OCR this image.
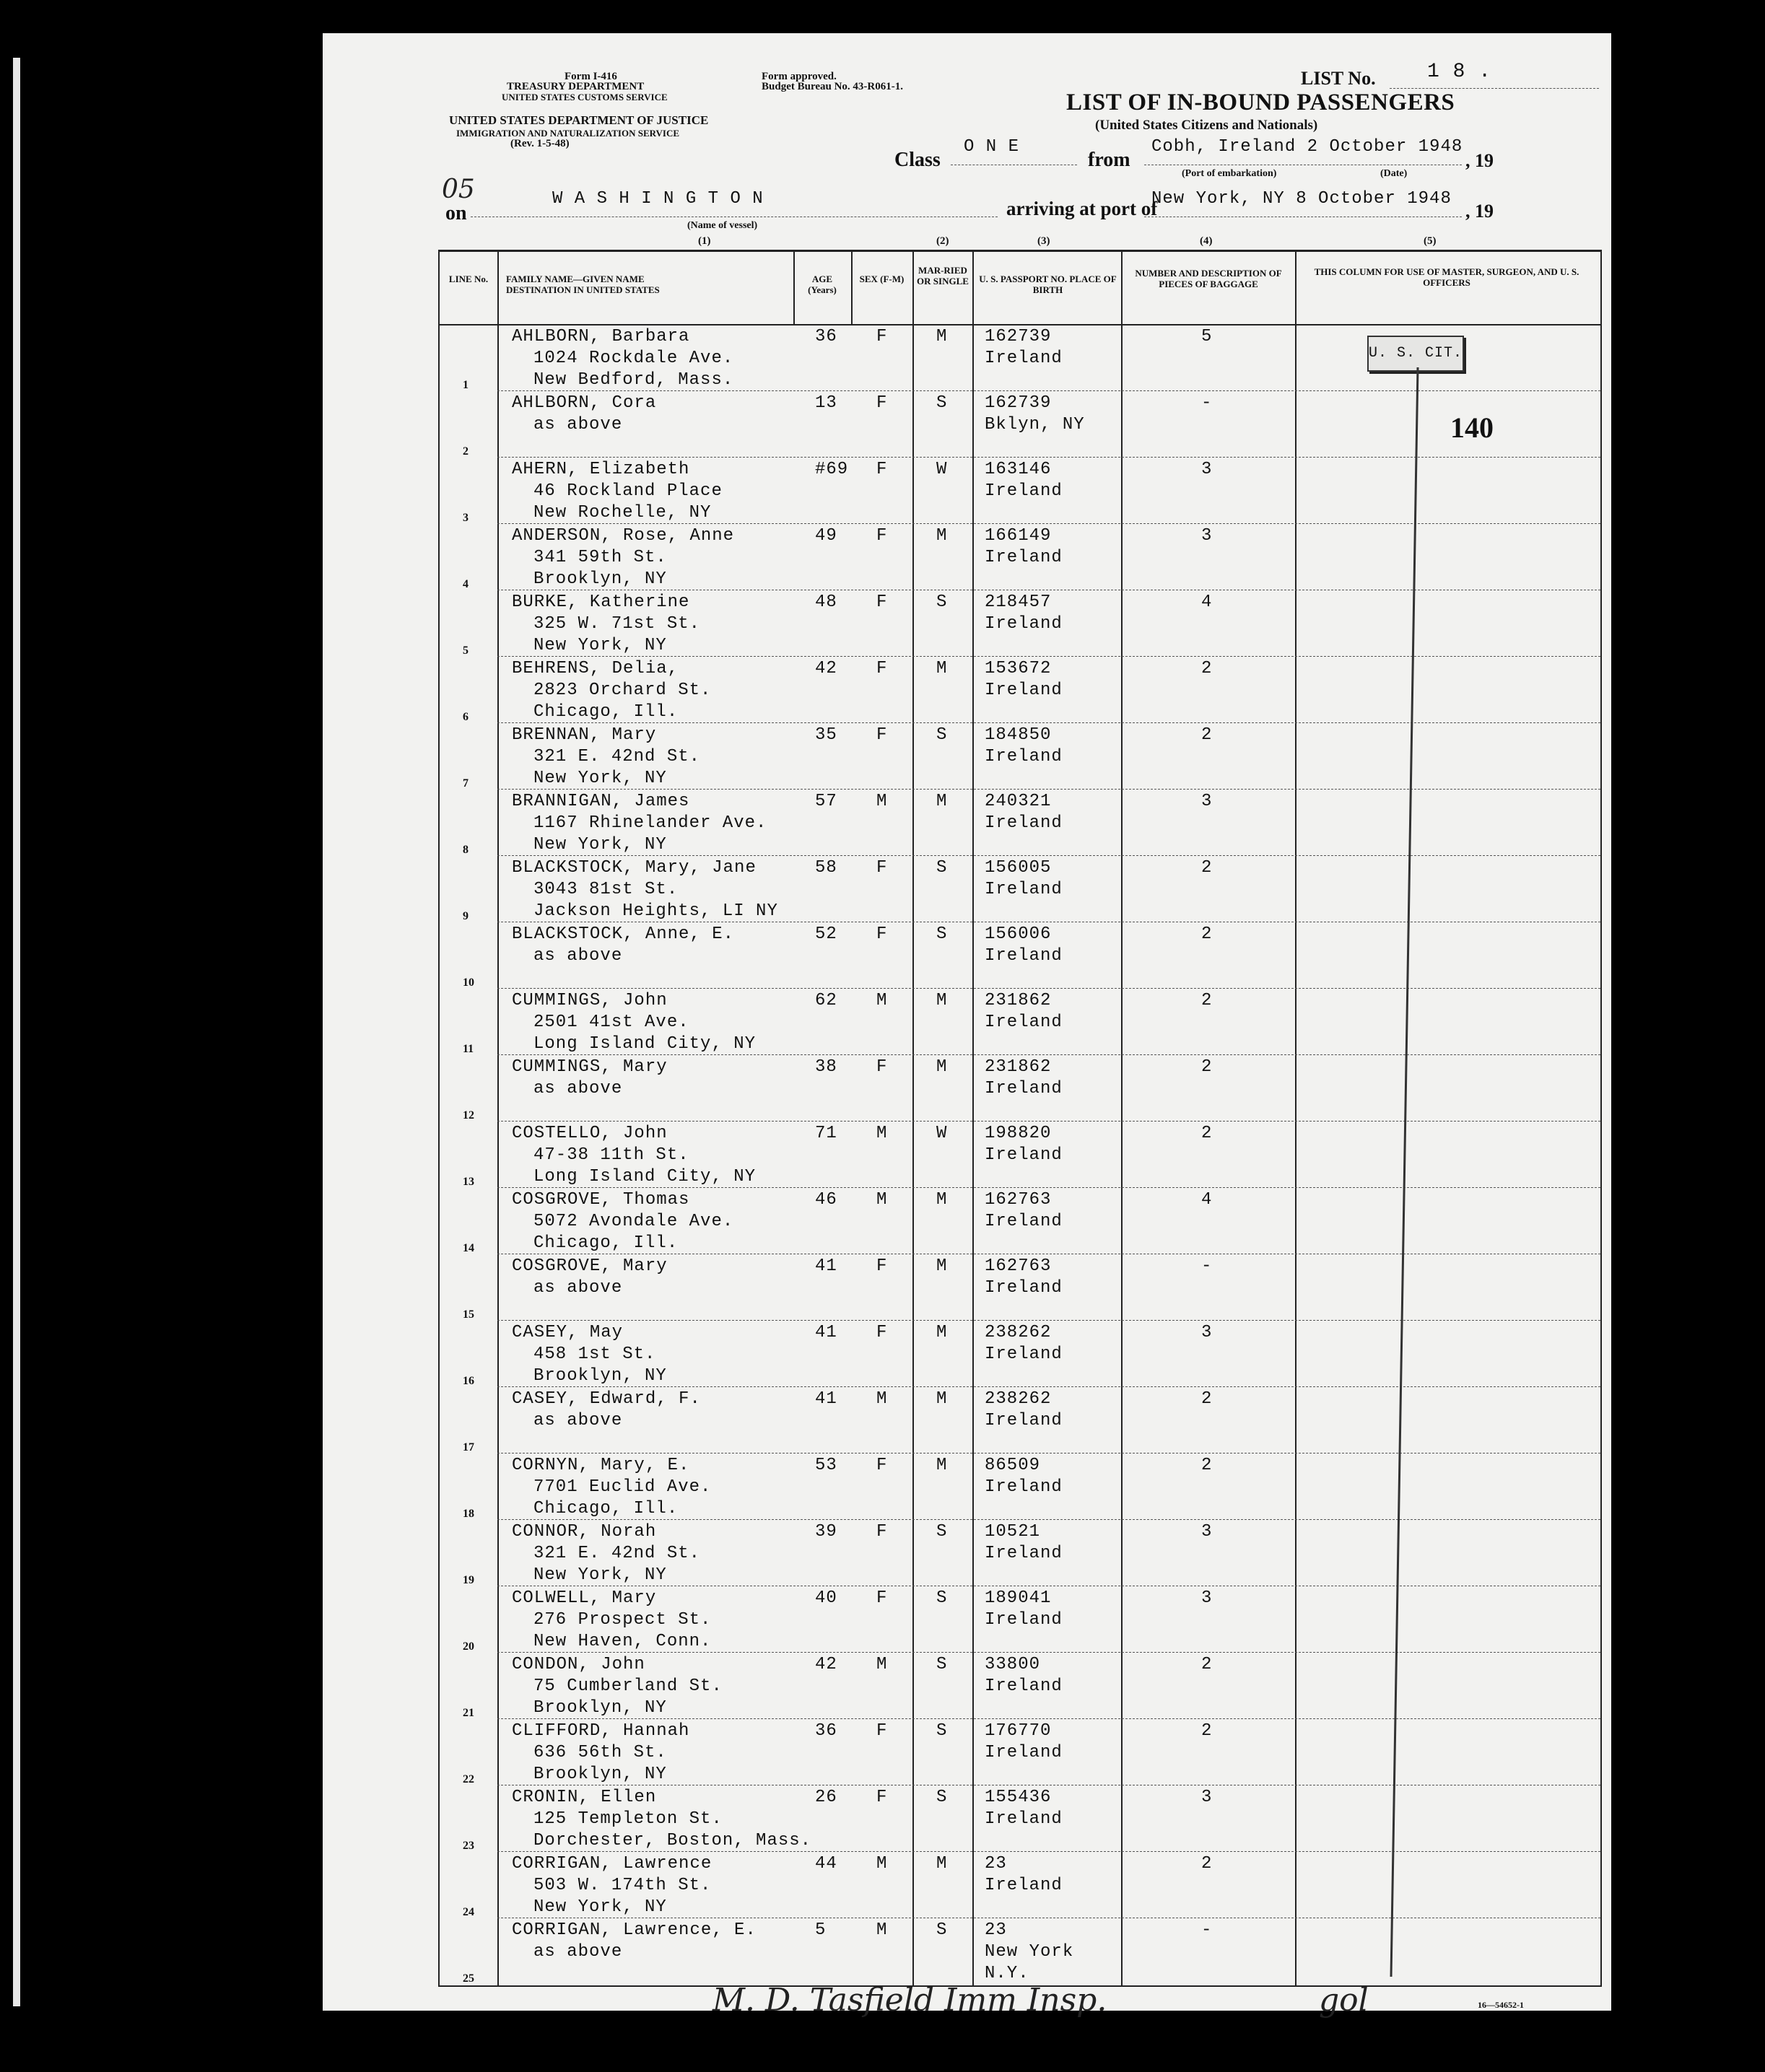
Form I-416
TREASURY DEPARTMENT
UNITED STATES CUSTOMS SERVICE
UNITED STATES DEPARTMENT OF JUSTICE
IMMIGRATION AND NATURALIZATION SERVICE
(Rev. 1-5-48)
Form approved.
Budget Bureau No. 43-R061-1.	LIST No.	1 8 .
LIST OF IN-BOUND PASSENGERS
(United States Citizens and Nationals)
Class
O N E
from
Cobh, Ireland 2 October 1948
, 19
(Port of embarkation)	(Date)
on
W A S H I N G T O N	arriving at port of
New York, NY 8 October 1948
, 19
(Name of vessel)
(1)	(2)	(3)	(4)	(5)
LINE No.	FAMILY NAME—GIVEN NAME DESTINATION IN UNITED STATES
AGE (Years)
SEX (F-M)
MAR-RIED OR SINGLE U. S. PASSPORT NO. PLACE OF BIRTH
NUMBER AND DESCRIPTION OF PIECES OF BAGGAGE
THIS COLUMN FOR USE OF MASTER, SURGEON, AND U. S. OFFICERS
1
AHLBORN, Barbara
1024 Rockdale Ave.
New Bedford, Mass.
36 F	M 162739
Ireland
5
2
AHLBORN, Cora
as above
13 F	S 162739
Bklyn, NY
-
3
AHERN, Elizabeth
46 Rockland Place
New Rochelle, NY
#69 F	W 163146
Ireland
3
4
ANDERSON, Rose, Anne
341 59th St.
Brooklyn, NY
49 F	M 166149
Ireland
3
5
BURKE, Katherine
325 W. 71st St.
New York, NY
48 F	S 218457
Ireland
4
6
BEHRENS, Delia,
2823 Orchard St.
Chicago, Ill.
42 F	M 153672
Ireland
2
7
BRENNAN, Mary
321 E. 42nd St.
New York, NY
35 F	S 184850
Ireland
2
8
BRANNIGAN, James
1167 Rhinelander Ave.
New York, NY
57 M	M 240321
Ireland
3
9
BLACKSTOCK, Mary, Jane
3043 81st St.
Jackson Heights, LI NY
58 F	S 156005
Ireland
2
10
BLACKSTOCK, Anne, E.
as above
52 F	S 156006
Ireland
2
11
CUMMINGS, John
2501 41st Ave.
Long Island City, NY
62 M	M 231862
Ireland
2
12
CUMMINGS, Mary
as above
38 F	M 231862
Ireland
2
13
COSTELLO, John
47-38 11th St.
Long Island City, NY
71 M	W 198820
Ireland
2
14
COSGROVE, Thomas
5072 Avondale Ave.
Chicago, Ill.
46 M	M 162763
Ireland
4
15
COSGROVE, Mary
as above
41 F	M 162763
Ireland
-
16
CASEY, May
458 1st St.
Brooklyn, NY
41 F	M 238262
Ireland
3
17
CASEY, Edward, F.
as above
41 M	M 238262
Ireland
2
18
CORNYN, Mary, E.
7701 Euclid Ave.
Chicago, Ill.
53 F	M 86509
Ireland
2
19
CONNOR, Norah
321 E. 42nd St.
New York, NY
39 F	S 10521
Ireland
3
20
COLWELL, Mary
276 Prospect St.
New Haven, Conn.
40 F	S 189041
Ireland
3
21
CONDON, John
75 Cumberland St.
Brooklyn, NY
42 M	S 33800
Ireland
2
22
CLIFFORD, Hannah
636 56th St.
Brooklyn, NY
36 F	S 176770
Ireland
2
23
CRONIN, Ellen
125 Templeton St.
Dorchester, Boston, Mass.
26 F	S 155436
Ireland
3
24
CORRIGAN, Lawrence
503 W. 174th St.
New York, NY
44 M	M 23
Ireland
2
25
CORRIGAN, Lawrence, E.
as above
5	M	S 23
New York
N.Y.
-
U. S. CIT.
140
05
M. D. Tasfield Imm Insp.	gol	16—54652-1
